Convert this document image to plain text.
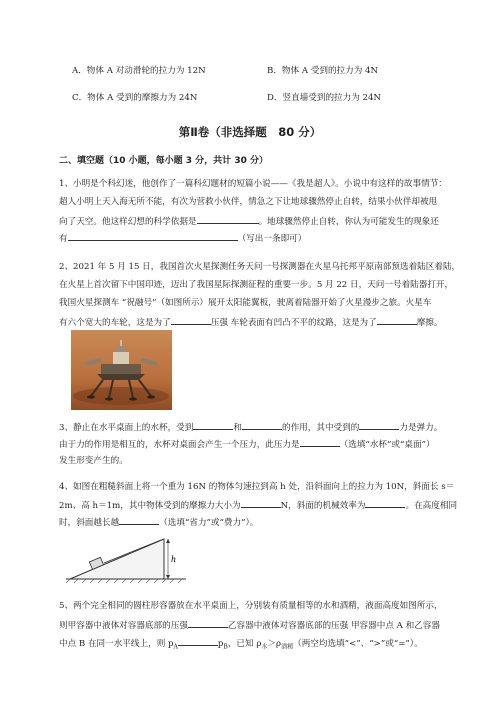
A．物体 A 对动滑轮的拉力为 12N	B．物体 A 受到的拉力为 4N
C．物体 A 受到的摩擦力为 24N	D．竖直墙受到的拉力为 24N
第Ⅱ卷（非选择题　80 分）
二、填空题（10 小题，每小题 3 分，共计 30 分）
1、小明是个科幻迷，他创作了一篇科幻题材的短篇小说——《我是超人》。小说中有这样的故事情节：
超人小明上天入海无所不能，有次为营救小伙伴，情急之下让地球骤然停止自转，结果小伙伴却被甩
向了天空。他这样幻想的科学依据是	。地球骤然停止自转，你认为可能发生的现象还
有	（写出一条即可）
2、2021 年 5 月 15 日，我国首次火星探测任务天问一号探测器在火星乌托邦平原南部预选着陆区着陆，
在火星上首次留下中国印迹，迈出了我国星际探测征程的重要一步。5 月 22 日，天问一号着陆器打开，
我国火星探测车 “祝融号”（如图所示）展开太阳能翼板，驶离着陆器开始了火星漫步之旅。火星车
有六个宽大的车轮，这是为了	压强 车轮表面有凹凸不平的纹路，这是为了	摩擦。
3、静止在水平桌面上的水杯，受到	和	的作用，其中受到的	力是弹力。
由于力的作用是相互的，水杯对桌面会产生一个压力，此压力是	（选填“水杯”或“桌面”）
发生形变产生的。
4、如图在粗糙斜面上将一个重为 16N 的物体匀速拉到高 h 处，沿斜面向上的拉力为 10N，斜面长 s＝
2m、高 h＝1m，其中物体受到的摩擦力大小为	N，斜面的机械效率为	。在高度相同
时，斜面越长越	（选填“省力”或“费力”）。
h
5、两个完全相同的圆柱形容器放在水平桌面上，分别装有质量相等的水和酒精，液面高度如图所示，
则甲容器中液体对容器底部的压强	乙容器中液体对容器底部的压强 甲容器中点 A 和乙容器
中点 B 在同一水平线上，则 $p_A$	$p_B$，已知 $\rho_水>\rho_{酒精}$（两空均选填“<”、“>”或“=”）。
